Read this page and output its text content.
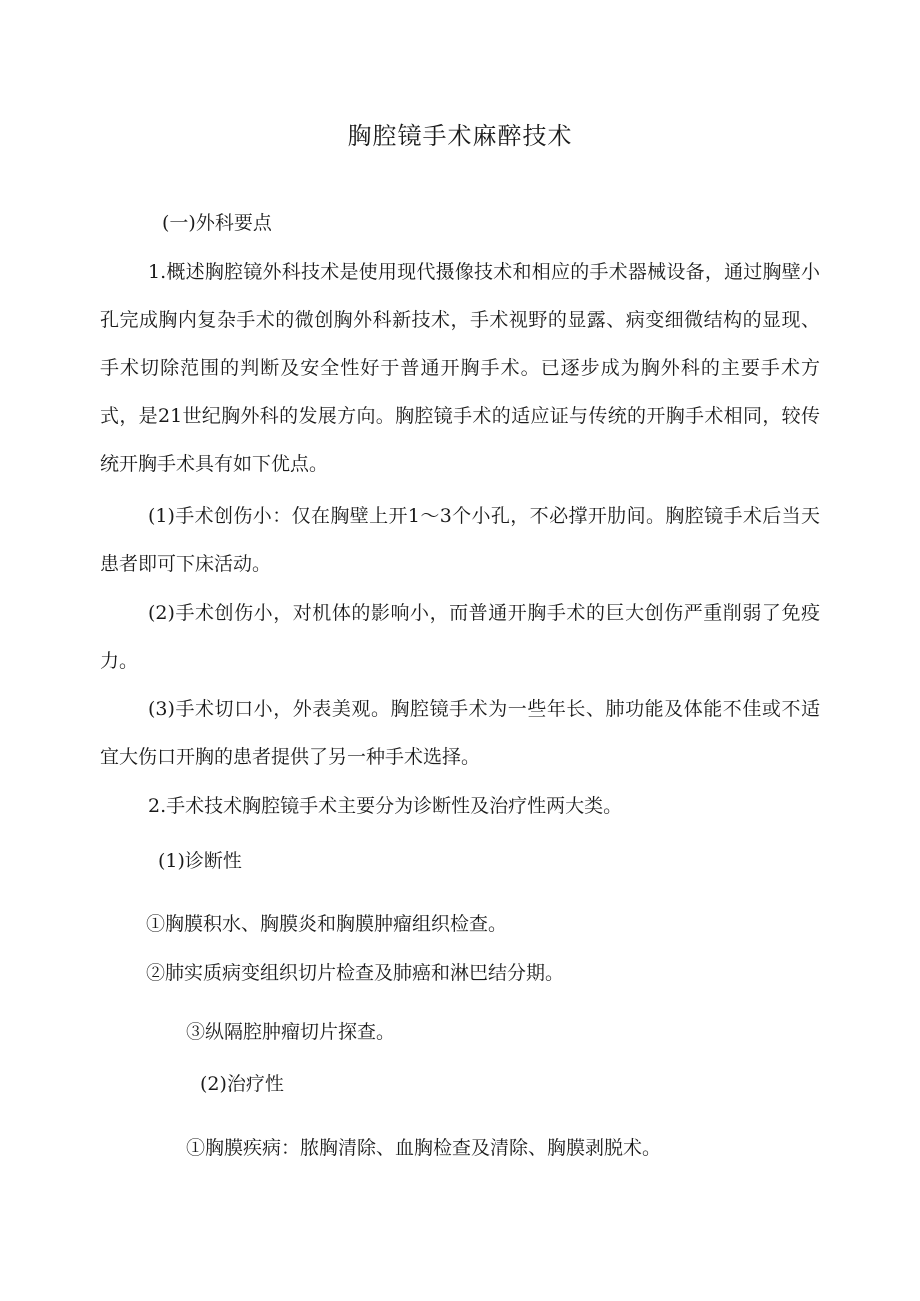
胸腔镜手术麻醉技术

(一)外科要点

1.概述胸腔镜外科技术是使用现代摄像技术和相应的手术器械设备，通过胸壁小孔完成胸内复杂手术的微创胸外科新技术，手术视野的显露、病变细微结构的显现、手术切除范围的判断及安全性好于普通开胸手术。已逐步成为胸外科的主要手术方式，是21世纪胸外科的发展方向。胸腔镜手术的适应证与传统的开胸手术相同，较传统开胸手术具有如下优点。

(1)手术创伤小：仅在胸壁上开1～3个小孔，不必撑开肋间。胸腔镜手术后当天患者即可下床活动。

(2)手术创伤小，对机体的影响小，而普通开胸手术的巨大创伤严重削弱了免疫力。

(3)手术切口小，外表美观。胸腔镜手术为一些年长、肺功能及体能不佳或不适宜大伤口开胸的患者提供了另一种手术选择。

2.手术技术胸腔镜手术主要分为诊断性及治疗性两大类。

(1)诊断性

①胸膜积水、胸膜炎和胸膜肿瘤组织检查。

②肺实质病变组织切片检查及肺癌和淋巴结分期。

③纵隔腔肿瘤切片探查。

(2)治疗性

①胸膜疾病：脓胸清除、血胸检查及清除、胸膜剥脱术。
